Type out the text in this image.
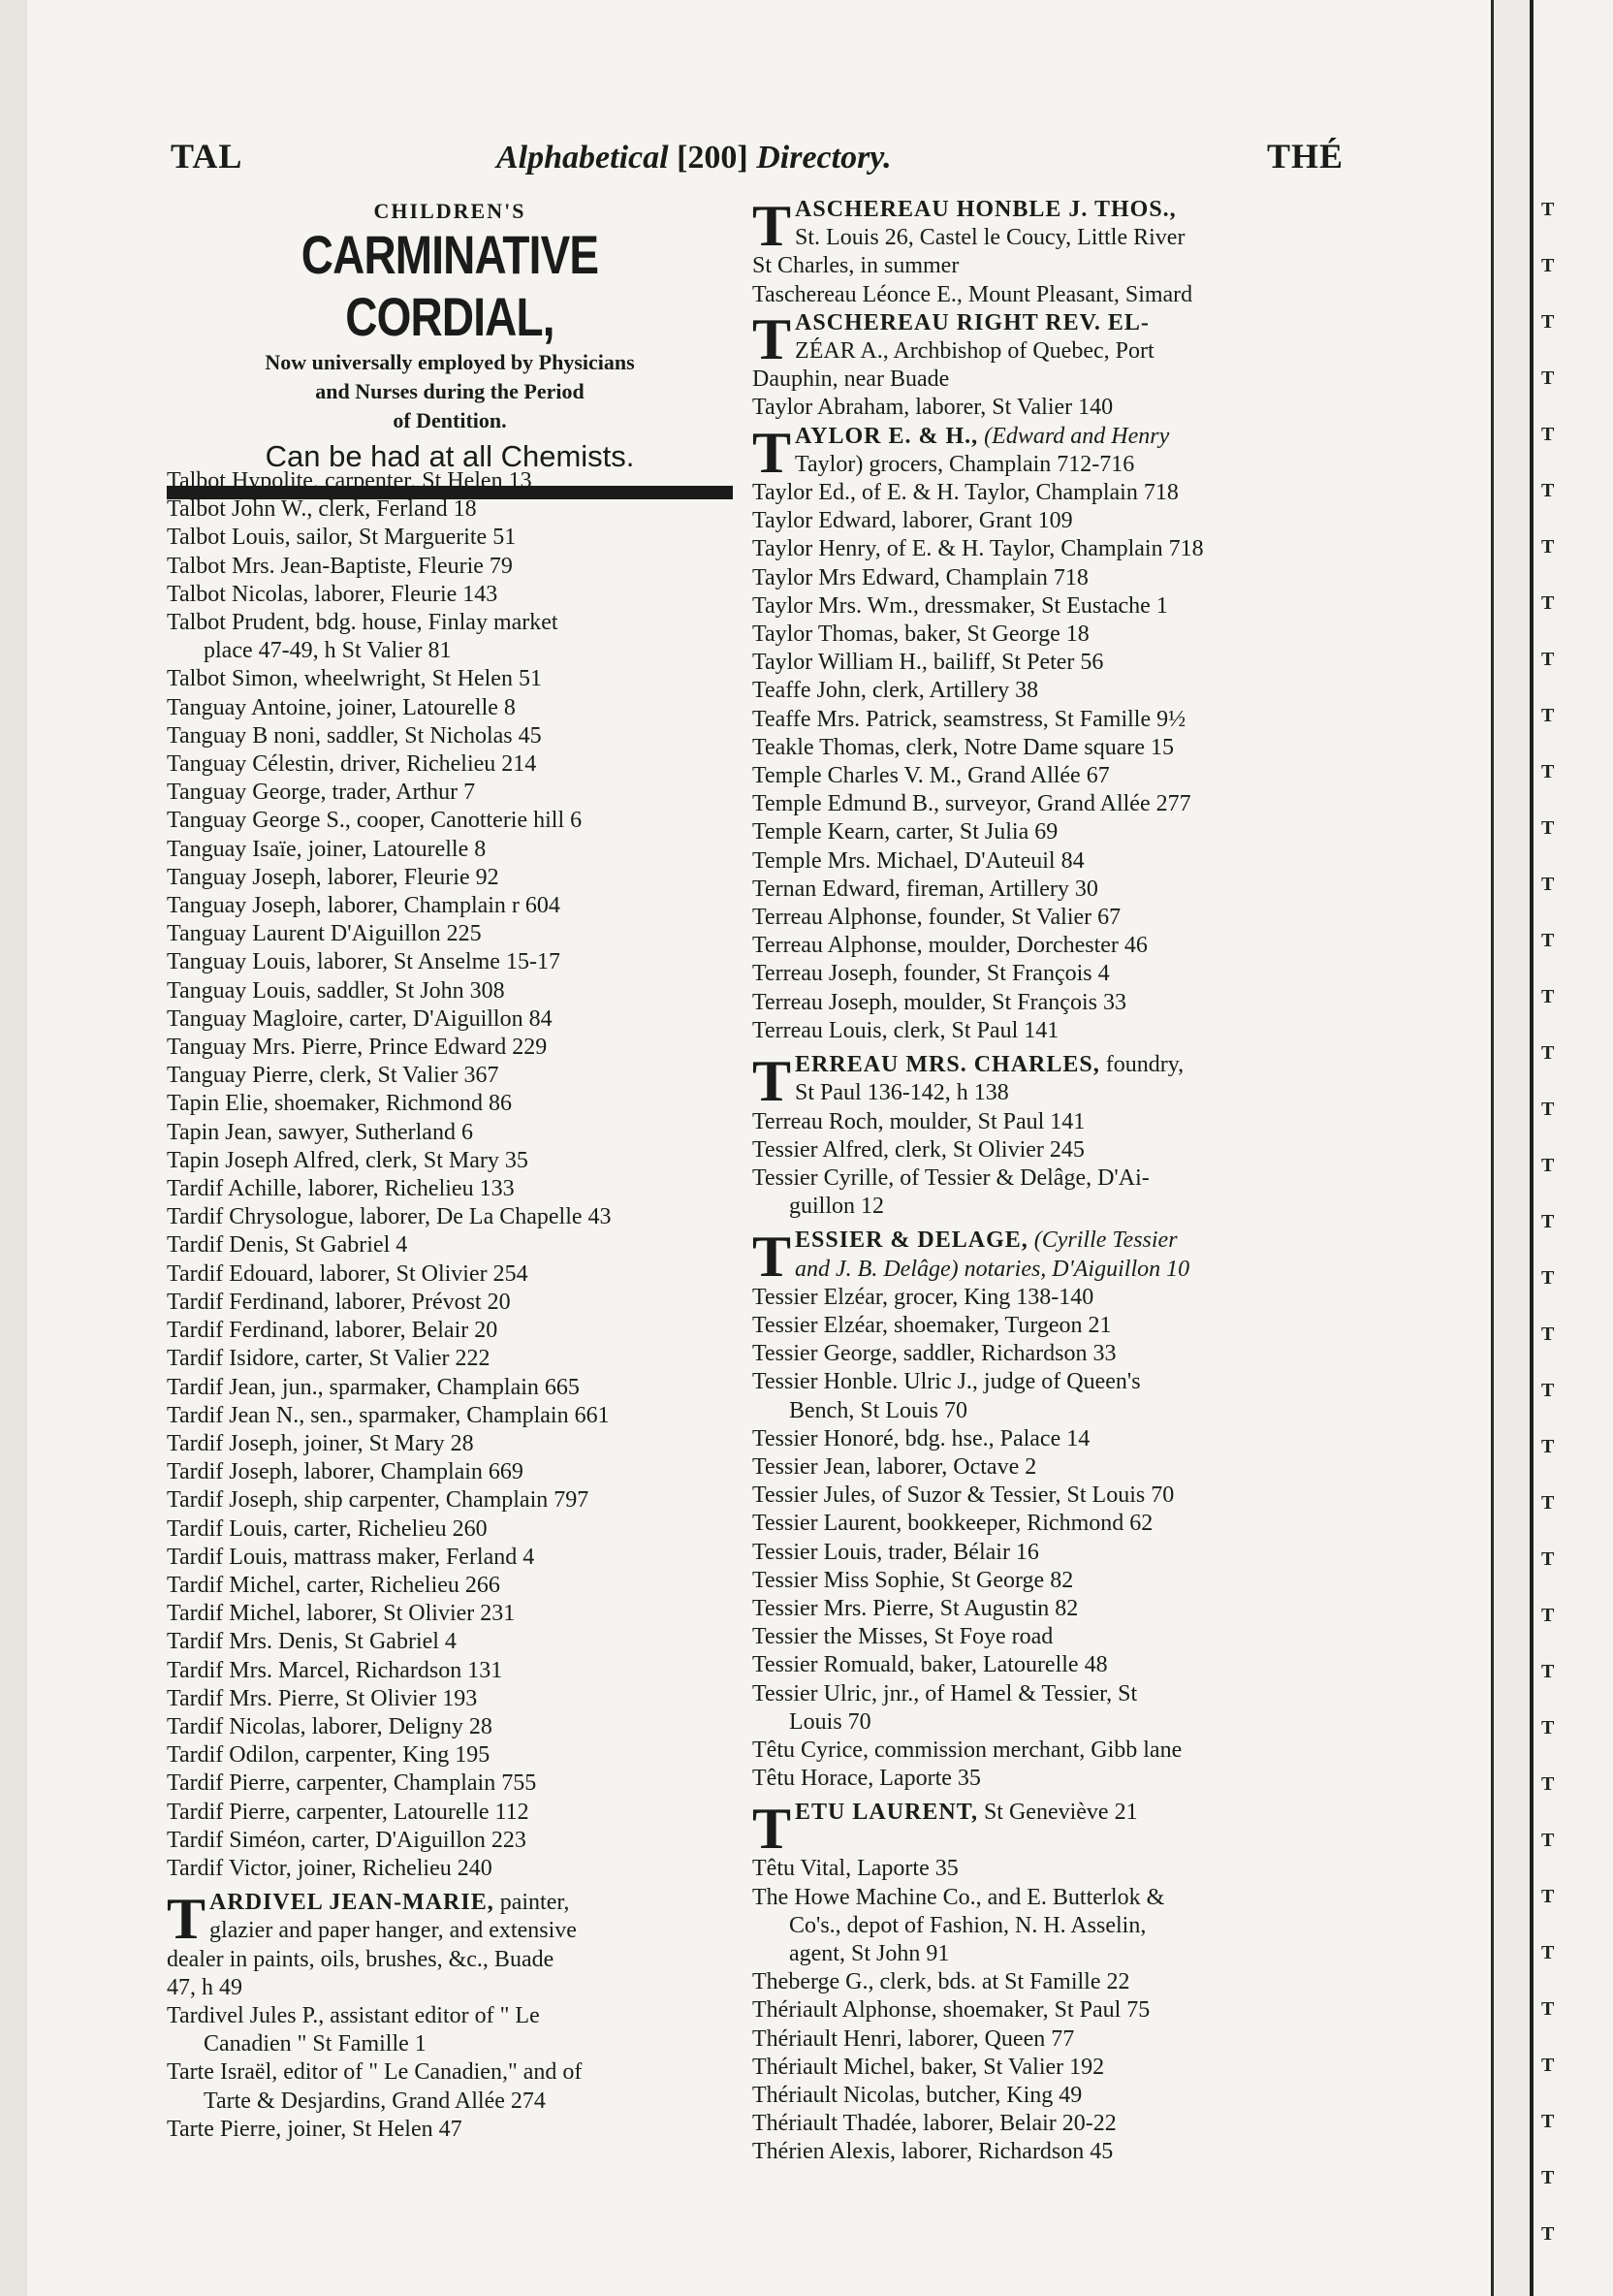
T
T
T
T
T
T
T
T
T
T
T
T
T
T
T
T
T
T
T
T
T
T
T
T
T
T
T
T
T
T
T
T
T
T
T
T
T
TAL	Alphabetical [200] Directory.	THÉ
CHILDREN'S
CARMINATIVE CORDIAL,
Now universally employed by Physicians
and Nurses during the Period
of Dentition.
Can be had at all Chemists.
Talbot Hypolite, carpenter, St Helen 13
Talbot John W., clerk, Ferland 18
Talbot Louis, sailor, St Marguerite 51
Talbot Mrs. Jean-Baptiste, Fleurie 79
Talbot Nicolas, laborer, Fleurie 143
Talbot Prudent, bdg. house, Finlay market
place 47-49, h St Valier 81
Talbot Simon, wheelwright, St Helen 51
Tanguay Antoine, joiner, Latourelle 8
Tanguay B noni, saddler, St Nicholas 45
Tanguay Célestin, driver, Richelieu 214
Tanguay George, trader, Arthur 7
Tanguay George S., cooper, Canotterie hill 6
Tanguay Isaïe, joiner, Latourelle 8
Tanguay Joseph, laborer, Fleurie 92
Tanguay Joseph, laborer, Champlain r 604
Tanguay Laurent D'Aiguillon 225
Tanguay Louis, laborer, St Anselme 15-17
Tanguay Louis, saddler, St John 308
Tanguay Magloire, carter, D'Aiguillon 84
Tanguay Mrs. Pierre, Prince Edward 229
Tanguay Pierre, clerk, St Valier 367
Tapin Elie, shoemaker, Richmond 86
Tapin Jean, sawyer, Sutherland 6
Tapin Joseph Alfred, clerk, St Mary 35
Tardif Achille, laborer, Richelieu 133
Tardif Chrysologue, laborer, De La Chapelle 43
Tardif Denis, St Gabriel 4
Tardif Edouard, laborer, St Olivier 254
Tardif Ferdinand, laborer, Prévost 20
Tardif Ferdinand, laborer, Belair 20
Tardif Isidore, carter, St Valier 222
Tardif Jean, jun., sparmaker, Champlain 665
Tardif Jean N., sen., sparmaker, Champlain 661
Tardif Joseph, joiner, St Mary 28
Tardif Joseph, laborer, Champlain 669
Tardif Joseph, ship carpenter, Champlain 797
Tardif Louis, carter, Richelieu 260
Tardif Louis, mattrass maker, Ferland 4
Tardif Michel, carter, Richelieu 266
Tardif Michel, laborer, St Olivier 231
Tardif Mrs. Denis, St Gabriel 4
Tardif Mrs. Marcel, Richardson 131
Tardif Mrs. Pierre, St Olivier 193
Tardif Nicolas, laborer, Deligny 28
Tardif Odilon, carpenter, King 195
Tardif Pierre, carpenter, Champlain 755
Tardif Pierre, carpenter, Latourelle 112
Tardif Siméon, carter, D'Aiguillon 223
Tardif Victor, joiner, Richelieu 240
T ARDIVEL JEAN-MARIE, painter,
glazier and paper hanger, and extensive
dealer in paints, oils, brushes, &c., Buade
47, h 49
Tardivel Jules P., assistant editor of " Le
Canadien " St Famille 1
Tarte Israël, editor of " Le Canadien," and of
Tarte & Desjardins, Grand Allée 274
Tarte Pierre, joiner, St Helen 47
T ASCHEREAU HONBLE J. THOS.,
St. Louis 26, Castel le Coucy, Little River
St Charles, in summer
Taschereau Léonce E., Mount Pleasant, Simard
T ASCHEREAU RIGHT REV. EL-
ZÉAR A., Archbishop of Quebec, Port
Dauphin, near Buade
Taylor Abraham, laborer, St Valier 140
T AYLOR E. & H., (Edward and Henry
Taylor) grocers, Champlain 712-716
Taylor Ed., of E. & H. Taylor, Champlain 718
Taylor Edward, laborer, Grant 109
Taylor Henry, of E. & H. Taylor, Champlain 718
Taylor Mrs Edward, Champlain 718
Taylor Mrs. Wm., dressmaker, St Eustache 1
Taylor Thomas, baker, St George 18
Taylor William H., bailiff, St Peter 56
Teaffe John, clerk, Artillery 38
Teaffe Mrs. Patrick, seamstress, St Famille 9½
Teakle Thomas, clerk, Notre Dame square 15
Temple Charles V. M., Grand Allée 67
Temple Edmund B., surveyor, Grand Allée 277
Temple Kearn, carter, St Julia 69
Temple Mrs. Michael, D'Auteuil 84
Ternan Edward, fireman, Artillery 30
Terreau Alphonse, founder, St Valier 67
Terreau Alphonse, moulder, Dorchester 46
Terreau Joseph, founder, St François 4
Terreau Joseph, moulder, St François 33
Terreau Louis, clerk, St Paul 141
T ERREAU MRS. CHARLES, foundry,
St Paul 136-142, h 138
Terreau Roch, moulder, St Paul 141
Tessier Alfred, clerk, St Olivier 245
Tessier Cyrille, of Tessier & Delâge, D'Ai-
guillon 12
T ESSIER & DELAGE, (Cyrille Tessier
and J. B. Delâge) notaries, D'Aiguillon 10
Tessier Elzéar, grocer, King 138-140
Tessier Elzéar, shoemaker, Turgeon 21
Tessier George, saddler, Richardson 33
Tessier Honble. Ulric J., judge of Queen's
Bench, St Louis 70
Tessier Honoré, bdg. hse., Palace 14
Tessier Jean, laborer, Octave 2
Tessier Jules, of Suzor & Tessier, St Louis 70
Tessier Laurent, bookkeeper, Richmond 62
Tessier Louis, trader, Bélair 16
Tessier Miss Sophie, St George 82
Tessier Mrs. Pierre, St Augustin 82
Tessier the Misses, St Foye road
Tessier Romuald, baker, Latourelle 48
Tessier Ulric, jnr., of Hamel & Tessier, St
Louis 70
Têtu Cyrice, commission merchant, Gibb lane
Têtu Horace, Laporte 35
T ETU LAURENT, St Geneviève 21
Têtu Vital, Laporte 35
The Howe Machine Co., and E. Butterlok &
Co's., depot of Fashion, N. H. Asselin,
agent, St John 91
Theberge G., clerk, bds. at St Famille 22
Thériault Alphonse, shoemaker, St Paul 75
Thériault Henri, laborer, Queen 77
Thériault Michel, baker, St Valier 192
Thériault Nicolas, butcher, King 49
Thériault Thadée, laborer, Belair 20-22
Thérien Alexis, laborer, Richardson 45
